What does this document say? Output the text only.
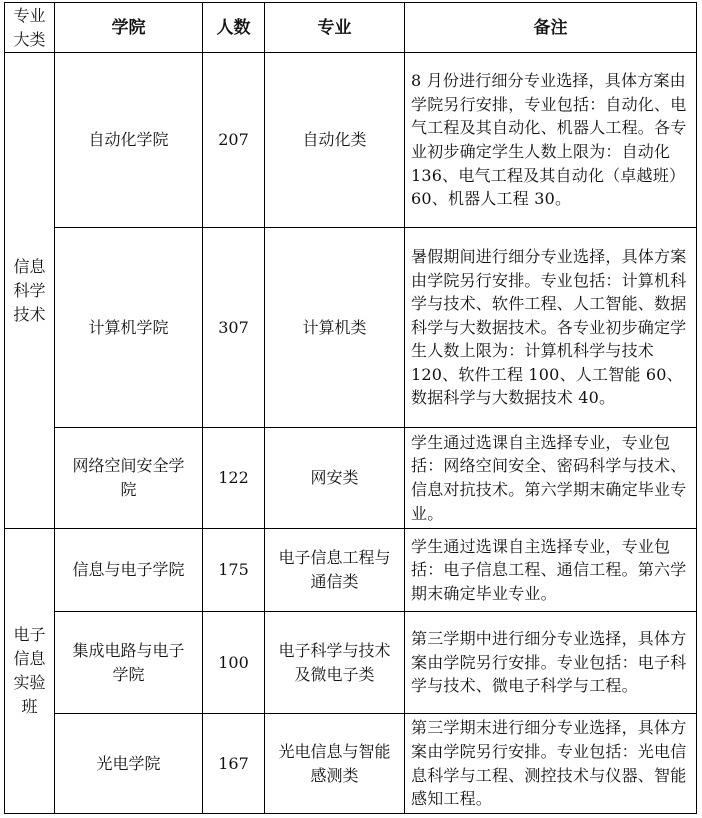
专业大类	学院	人数	专业	备注

信息科学技术	自动化学院	207	自动化类	8 月份进行细分专业选择，具体方案由学院另行安排，专业包括：自动化、电气工程及其自动化、机器人工程。各专业初步确定学生人数上限为：自动化 136、电气工程及其自动化（卓越班）60、机器人工程 30。
	计算机学院	307	计算机类	暑假期间进行细分专业选择，具体方案由学院另行安排。专业包括：计算机科学与技术、软件工程、人工智能、数据科学与大数据技术。各专业初步确定学生人数上限为：计算机科学与技术 120、软件工程 100、人工智能 60、数据科学与大数据技术 40。
	网络空间安全学院	122	网安类	学生通过选课自主选择专业，专业包括：网络空间安全、密码科学与技术、信息对抗技术。第六学期末确定毕业专业。

电子信息实验班	信息与电子学院	175	电子信息工程与通信类	学生通过选课自主选择专业，专业包括：电子信息工程、通信工程。第六学期末确定毕业专业。
	集成电路与电子学院	100	电子科学与技术及微电子类	第三学期中进行细分专业选择，具体方案由学院另行安排。专业包括：电子科学与技术、微电子科学与工程。
	光电学院	167	光电信息与智能感测类	第三学期末进行细分专业选择，具体方案由学院另行安排。专业包括：光电信息科学与工程、测控技术与仪器、智能感知工程。
